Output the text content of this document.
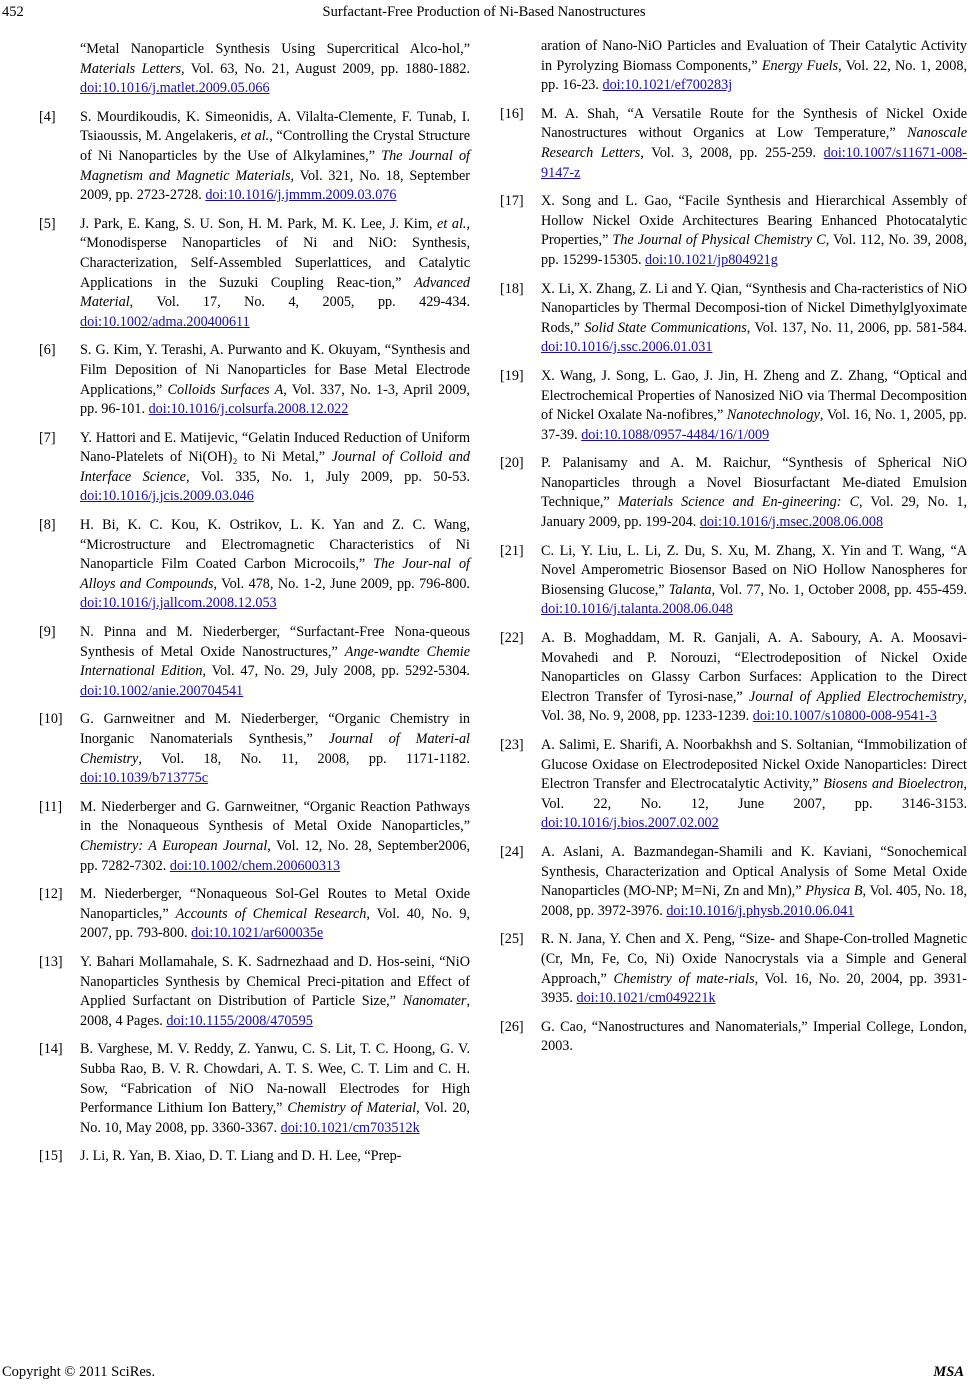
452	Surfactant-Free Production of Ni-Based Nanostructures
“Metal Nanoparticle Synthesis Using Supercritical Alco-hol,” Materials Letters, Vol. 63, No. 21, August 2009, pp. 1880-1882. doi:10.1016/j.matlet.2009.05.066
[4] S. Mourdikoudis, K. Simeonidis, A. Vilalta-Clemente, F. Tunab, I. Tsiaoussis, M. Angelakeris, et al., “Controlling the Crystal Structure of Ni Nanoparticles by the Use of Alkylamines,” The Journal of Magnetism and Magnetic Materials, Vol. 321, No. 18, September 2009, pp. 2723-2728. doi:10.1016/j.jmmm.2009.03.076
[5] J. Park, E. Kang, S. U. Son, H. M. Park, M. K. Lee, J. Kim, et al., “Monodisperse Nanoparticles of Ni and NiO: Synthesis, Characterization, Self-Assembled Superlattices, and Catalytic Applications in the Suzuki Coupling Reac-tion,” Advanced Material, Vol. 17, No. 4, 2005, pp. 429-434. doi:10.1002/adma.200400611
[6] S. G. Kim, Y. Terashi, A. Purwanto and K. Okuyam, “Synthesis and Film Deposition of Ni Nanoparticles for Base Metal Electrode Applications,” Colloids Surfaces A, Vol. 337, No. 1-3, April 2009, pp. 96-101. doi:10.1016/j.colsurfa.2008.12.022
[7] Y. Hattori and E. Matijevic, “Gelatin Induced Reduction of Uniform Nano-Platelets of Ni(OH)₂ to Ni Metal,” Journal of Colloid and Interface Science, Vol. 335, No. 1, July 2009, pp. 50-53. doi:10.1016/j.jcis.2009.03.046
[8] H. Bi, K. C. Kou, K. Ostrikov, L. K. Yan and Z. C. Wang, “Microstructure and Electromagnetic Characteristics of Ni Nanoparticle Film Coated Carbon Microcoils,” The Jour-nal of Alloys and Compounds, Vol. 478, No. 1-2, June 2009, pp. 796-800. doi:10.1016/j.jallcom.2008.12.053
[9] N. Pinna and M. Niederberger, “Surfactant-Free Nona-queous Synthesis of Metal Oxide Nanostructures,” Ange-wandte Chemie International Edition, Vol. 47, No. 29, July 2008, pp. 5292-5304. doi:10.1002/anie.200704541
[10] G. Garnweitner and M. Niederberger, “Organic Chemistry in Inorganic Nanomaterials Synthesis,” Journal of Materi-al Chemistry, Vol. 18, No. 11, 2008, pp. 1171-1182. doi:10.1039/b713775c
[11] M. Niederberger and G. Garnweitner, “Organic Reaction Pathways in the Nonaqueous Synthesis of Metal Oxide Nanoparticles,” Chemistry: A European Journal, Vol. 12, No. 28, September2006, pp. 7282-7302. doi:10.1002/chem.200600313
[12] M. Niederberger, “Nonaqueous Sol-Gel Routes to Metal Oxide Nanoparticles,” Accounts of Chemical Research, Vol. 40, No. 9, 2007, pp. 793-800. doi:10.1021/ar600035e
[13] Y. Bahari Mollamahale, S. K. Sadrnezhaad and D. Hos-seini, “NiO Nanoparticles Synthesis by Chemical Preci-pitation and Effect of Applied Surfactant on Distribution of Particle Size,” Nanomater, 2008, 4 Pages. doi:10.1155/2008/470595
[14] B. Varghese, M. V. Reddy, Z. Yanwu, C. S. Lit, T. C. Hoong, G. V. Subba Rao, B. V. R. Chowdari, A. T. S. Wee, C. T. Lim and C. H. Sow, “Fabrication of NiO Na-nowall Electrodes for High Performance Lithium Ion Battery,” Chemistry of Material, Vol. 20, No. 10, May 2008, pp. 3360-3367. doi:10.1021/cm703512k
[15] J. Li, R. Yan, B. Xiao, D. T. Liang and D. H. Lee, “Prep-
aration of Nano-NiO Particles and Evaluation of Their Catalytic Activity in Pyrolyzing Biomass Components,” Energy Fuels, Vol. 22, No. 1, 2008, pp. 16-23. doi:10.1021/ef700283j
[16] M. A. Shah, “A Versatile Route for the Synthesis of Nickel Oxide Nanostructures without Organics at Low Temperature,” Nanoscale Research Letters, Vol. 3, 2008, pp. 255-259. doi:10.1007/s11671-008-9147-z
[17] X. Song and L. Gao, “Facile Synthesis and Hierarchical Assembly of Hollow Nickel Oxide Architectures Bearing Enhanced Photocatalytic Properties,” The Journal of Physical Chemistry C, Vol. 112, No. 39, 2008, pp. 15299-15305. doi:10.1021/jp804921g
[18] X. Li, X. Zhang, Z. Li and Y. Qian, “Synthesis and Cha-racteristics of NiO Nanoparticles by Thermal Decomposi-tion of Nickel Dimethylglyoximate Rods,” Solid State Communications, Vol. 137, No. 11, 2006, pp. 581-584. doi:10.1016/j.ssc.2006.01.031
[19] X. Wang, J. Song, L. Gao, J. Jin, H. Zheng and Z. Zhang, “Optical and Electrochemical Properties of Nanosized NiO via Thermal Decomposition of Nickel Oxalate Na-nofibres,” Nanotechnology, Vol. 16, No. 1, 2005, pp. 37-39. doi:10.1088/0957-4484/16/1/009
[20] P. Palanisamy and A. M. Raichur, “Synthesis of Spherical NiO Nanoparticles through a Novel Biosurfactant Me-diated Emulsion Technique,” Materials Science and En-gineering: C, Vol. 29, No. 1, January 2009, pp. 199-204. doi:10.1016/j.msec.2008.06.008
[21] C. Li, Y. Liu, L. Li, Z. Du, S. Xu, M. Zhang, X. Yin and T. Wang, “A Novel Amperometric Biosensor Based on NiO Hollow Nanospheres for Biosensing Glucose,” Talanta, Vol. 77, No. 1, October 2008, pp. 455-459. doi:10.1016/j.talanta.2008.06.048
[22] A. B. Moghaddam, M. R. Ganjali, A. A. Saboury, A. A. Moosavi-Movahedi and P. Norouzi, “Electrodeposition of Nickel Oxide Nanoparticles on Glassy Carbon Surfaces: Application to the Direct Electron Transfer of Tyrosi-nase,” Journal of Applied Electrochemistry, Vol. 38, No. 9, 2008, pp. 1233-1239. doi:10.1007/s10800-008-9541-3
[23] A. Salimi, E. Sharifi, A. Noorbakhsh and S. Soltanian, “Immobilization of Glucose Oxidase on Electrodeposited Nickel Oxide Nanoparticles: Direct Electron Transfer and Electrocatalytic Activity,” Biosens and Bioelectron, Vol. 22, No. 12, June 2007, pp. 3146-3153. doi:10.1016/j.bios.2007.02.002
[24] A. Aslani, A. Bazmandegan-Shamili and K. Kaviani, “Sonochemical Synthesis, Characterization and Optical Analysis of Some Metal Oxide Nanoparticles (MO-NP; M=Ni, Zn and Mn),” Physica B, Vol. 405, No. 18, 2008, pp. 3972-3976. doi:10.1016/j.physb.2010.06.041
[25] R. N. Jana, Y. Chen and X. Peng, “Size- and Shape-Con-trolled Magnetic (Cr, Mn, Fe, Co, Ni) Oxide Nanocrystals via a Simple and General Approach,” Chemistry of mate-rials, Vol. 16, No. 20, 2004, pp. 3931-3935. doi:10.1021/cm049221k
[26] G. Cao, “Nanostructures and Nanomaterials,” Imperial College, London, 2003.
Copyright © 2011 SciRes.	MSA
